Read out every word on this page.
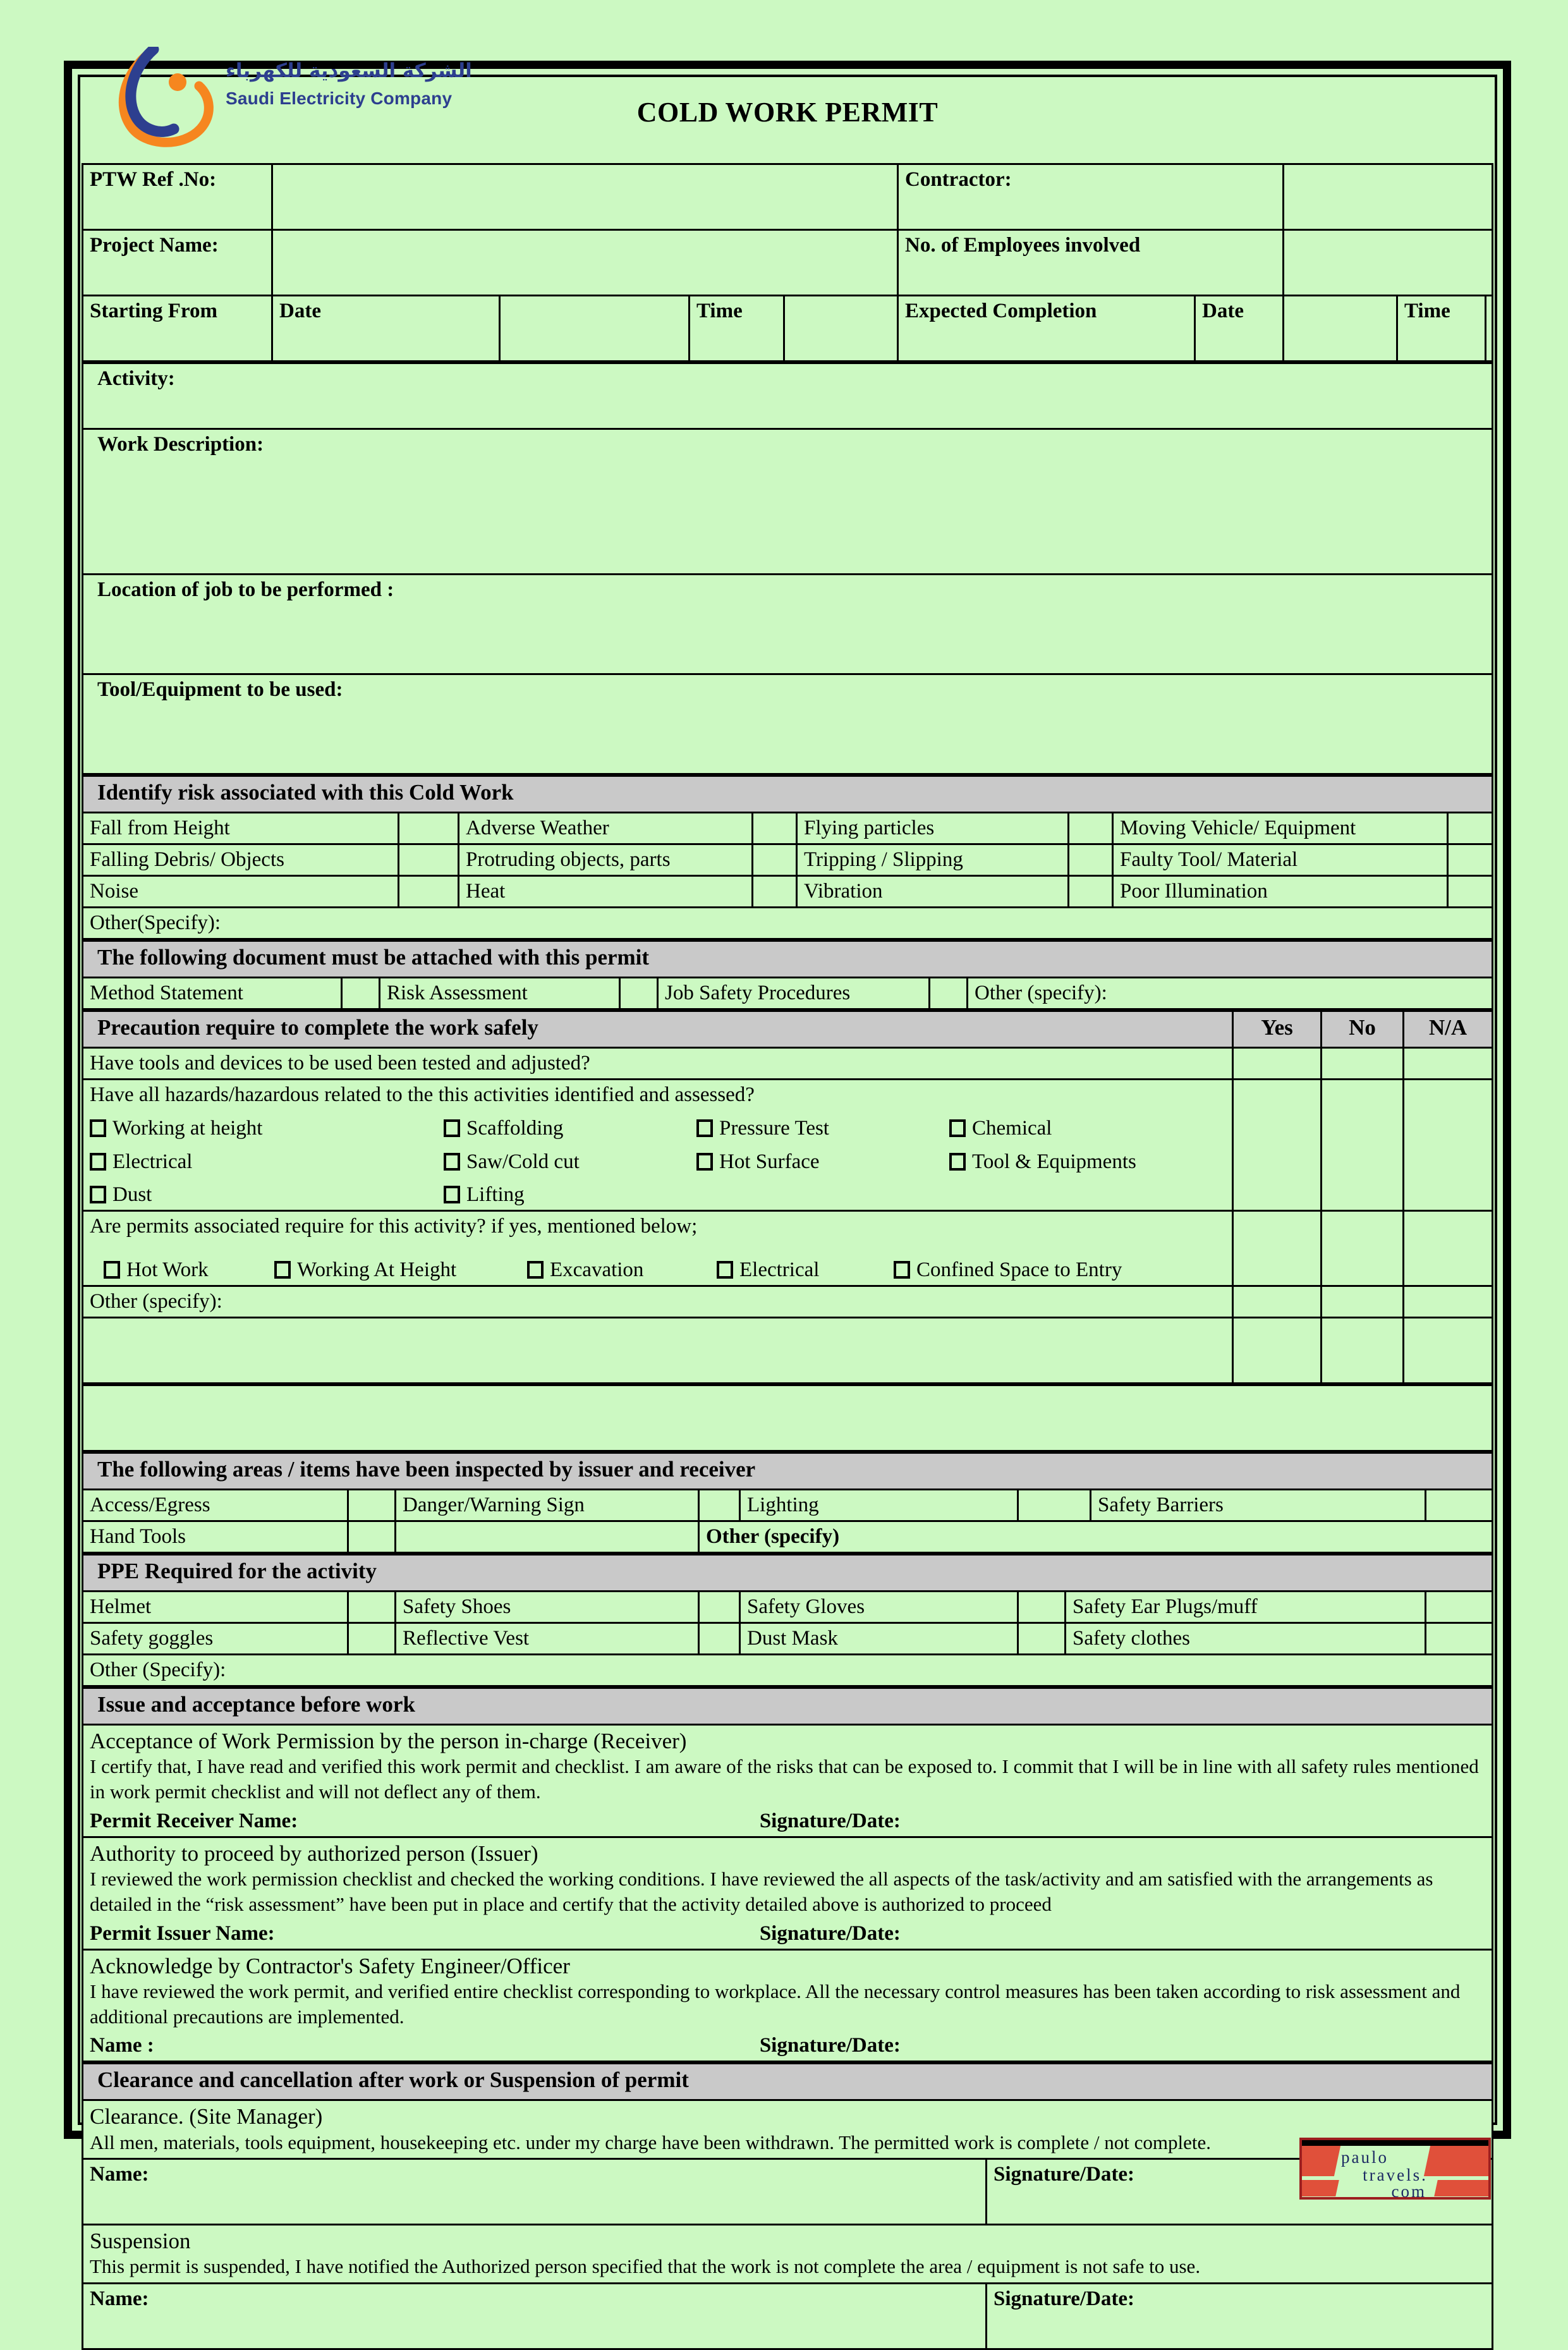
الشركة السعودية للكهرباء
Saudi Electricity Company	COLD WORK PERMIT
PTW Ref .No:					Contractor:				
Project Name:					No. of Employees involved				
Starting From	Date		Time		Expected Completion	Date		Time	
Activity:
Work Description:
Location of job to be performed :
Tool/Equipment to be used:
Identify risk associated with this Cold Work							
Fall from Height		Adverse Weather		Flying particles		Moving Vehicle/ Equipment	
Falling Debris/ Objects		Protruding objects, parts		Tripping / Slipping		Faulty Tool/ Material	
Noise		Heat		Vibration		Poor Illumination	
Other(Specify):							
The following document must be attached with this permit
Method Statement		Risk Assessment		Job Safety Procedures		Other (specify):
Precaution require to complete the work safely	Yes	No	N/A
Have tools and devices to be used been tested and adjusted?			
Have all hazards/hazardous related to the this activities identified and assessed?
Working at height	Scaffolding	Pressure Test	Chemical
Electrical	Saw/Cold cut	Hot Surface	Tool & Equipments
Dust	Lifting

Are permits associated require for this activity? if yes, mentioned below;
Hot Work	Working At Height	Excavation	Electrical	Confined Space to Entry

Other (specify):			

The following areas / items have been inspected by issuer and receiver							
Access/Egress		Danger/Warning Sign		Lighting		Safety Barriers	
Hand Tools			Other (specify)				
PPE Required for the activity							
Helmet		Safety Shoes		Safety Gloves		Safety Ear Plugs/muff	
Safety goggles		Reflective Vest		Dust Mask		Safety clothes	
Other (Specify):							
Issue and acceptance before work

Acceptance of Work Permission by the person in-charge (Receiver)
I certify that, I have read and verified this work permit and checklist. I am aware of the risks that can be exposed to. I commit that I will be in line with all safety rules mentioned in work permit checklist and will not deflect any of them.
Permit Receiver Name:	Signature/Date:

Authority to proceed by authorized person (Issuer)
I reviewed the work permission checklist and checked the working conditions. I have reviewed the all aspects of the task/activity and am satisfied with the arrangements as detailed in the “risk assessment” have been put in place and certify that the activity detailed above is authorized to proceed
Permit Issuer Name:	Signature/Date:

Acknowledge by Contractor's Safety Engineer/Officer
I have reviewed the work permit, and verified entire checklist corresponding to workplace. All the necessary control measures has been taken according to risk assessment and additional precautions are implemented.
Name :	Signature/Date:
Clearance and cancellation after work or Suspension of permit	

Clearance. (Site Manager)
All men, materials, tools equipment, housekeeping etc. under my charge have been withdrawn. The permitted work is complete / not complete.	

Name:	Signature/Date:

Suspension
This permit is suspended, I have notified the Authorized person specified that the work is not complete the area / equipment is not safe to use.	

Name:	Signature/Date:
paulo
travels.
com
